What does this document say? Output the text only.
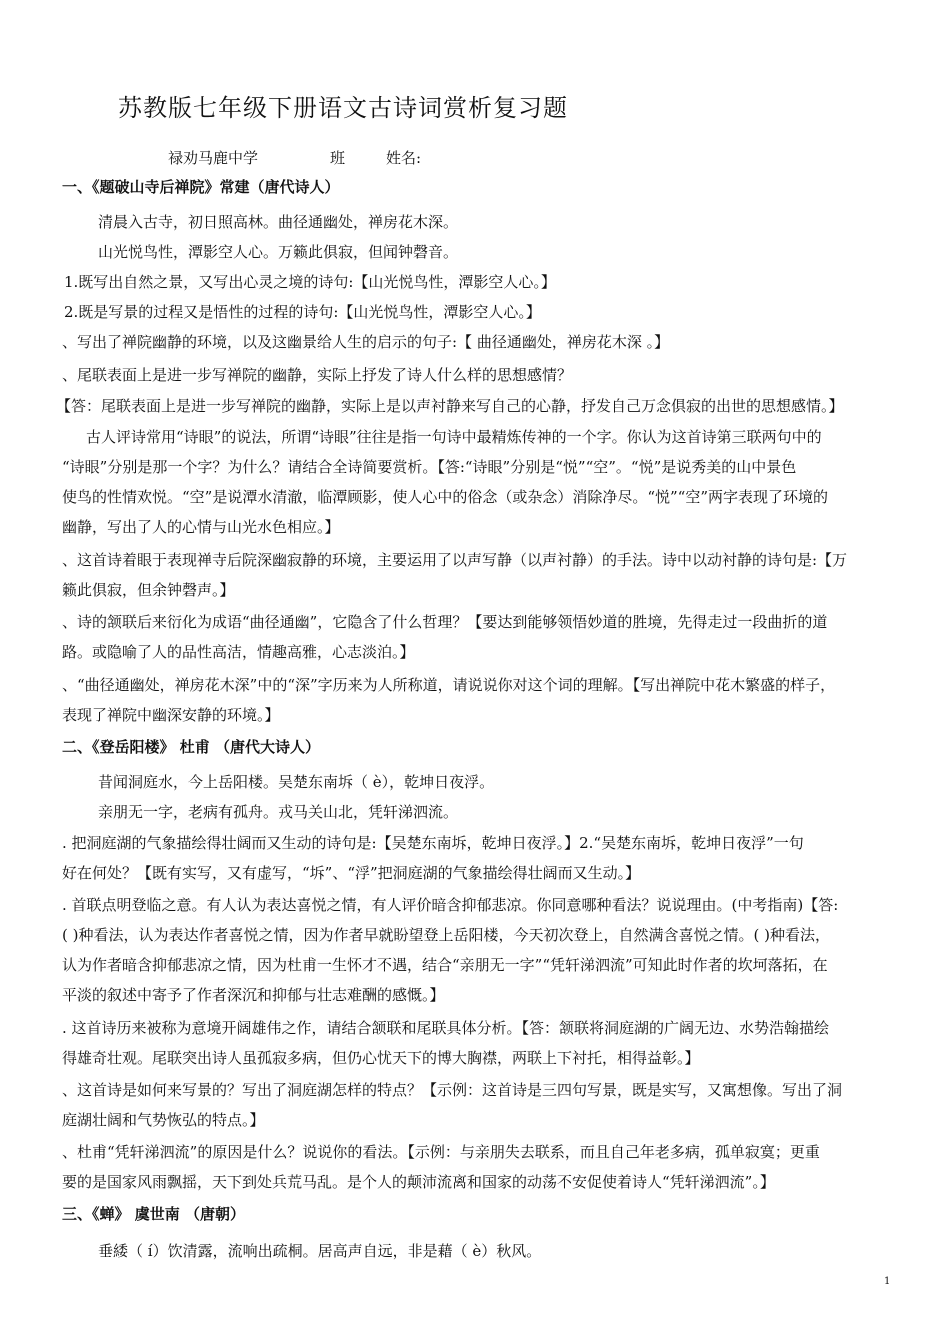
苏教版七年级下册语文古诗词赏析复习题
禄劝马鹿中学	班	姓名:
一、《题破山寺后禅院》常建（唐代诗人）
清晨入古寺，初日照高林。曲径通幽处，禅房花木深。
山光悦鸟性，潭影空人心。万籁此俱寂，但闻钟磬音。
1.既写出自然之景，又写出心灵之境的诗句:【山光悦鸟性，潭影空人心。】
2.既是写景的过程又是悟性的过程的诗句:【山光悦鸟性，潭影空人心。】
、写出了禅院幽静的环境，以及这幽景给人生的启示的句子:【 曲径通幽处，禅房花木深 。】
、尾联表面上是进一步写禅院的幽静，实际上抒发了诗人什么样的思想感情？
【答：尾联表面上是进一步写禅院的幽静，实际上是以声衬静来写自己的心静，抒发自己万念俱寂的出世的思想感情。】
古人评诗常用“诗眼”的说法，所谓“诗眼”往往是指一句诗中最精炼传神的一个字。你认为这首诗第三联两句中的
“诗眼”分别是那一个字？为什么？请结合全诗简要赏析。【答:“诗眼”分别是“悦”“空”。“悦”是说秀美的山中景色
使鸟的性情欢悦。“空”是说潭水清澈，临潭顾影，使人心中的俗念（或杂念）消除净尽。“悦”“空”两字表现了环境的
幽静，写出了人的心情与山光水色相应。】
、这首诗着眼于表现禅寺后院深幽寂静的环境，主要运用了以声写静（以声衬静）的手法。诗中以动衬静的诗句是:【万
籁此俱寂，但余钟磬声。】
、诗的颔联后来衍化为成语“曲径通幽”，它隐含了什么哲理？【要达到能够领悟妙道的胜境，先得走过一段曲折的道
路。或隐喻了人的品性高洁，情趣高雅，心志淡泊。】
、“曲径通幽处，禅房花木深”中的“深”字历来为人所称道，请说说你对这个词的理解。【写出禅院中花木繁盛的样子，
表现了禅院中幽深安静的环境。】
二、《登岳阳楼》 杜甫 （唐代大诗人）
昔闻洞庭水，今上岳阳楼。吴楚东南坼（ è），乾坤日夜浮。
亲朋无一字，老病有孤舟。戎马关山北，凭轩涕泗流。
. 把洞庭湖的气象描绘得壮阔而又生动的诗句是:【吴楚东南坼，乾坤日夜浮。】2.“吴楚东南坼，乾坤日夜浮”一句
好在何处？【既有实写，又有虚写，“坼”、“浮”把洞庭湖的气象描绘得壮阔而又生动。】
. 首联点明登临之意。有人认为表达喜悦之情，有人评价暗含抑郁悲凉。你同意哪种看法？说说理由。(中考指南)【答:
( )种看法，认为表达作者喜悦之情，因为作者早就盼望登上岳阳楼，今天初次登上，自然满含喜悦之情。( )种看法，
认为作者暗含抑郁悲凉之情，因为杜甫一生怀才不遇，结合“亲朋无一字”“凭轩涕泗流”可知此时作者的坎坷落拓，在
平淡的叙述中寄予了作者深沉和抑郁与壮志难酬的感慨。】
. 这首诗历来被称为意境开阔雄伟之作，请结合颔联和尾联具体分析。【答：颔联将洞庭湖的广阔无边、水势浩翰描绘
得雄奇壮观。尾联突出诗人虽孤寂多病，但仍心忧天下的博大胸襟，两联上下衬托，相得益彰。】
、这首诗是如何来写景的？写出了洞庭湖怎样的特点？【示例：这首诗是三四句写景，既是实写，又寓想像。写出了洞
庭湖壮阔和气势恢弘的特点。】
、杜甫“凭轩涕泗流”的原因是什么？说说你的看法。【示例：与亲朋失去联系，而且自己年老多病，孤单寂寞；更重
要的是国家风雨飘摇，天下到处兵荒马乱。是个人的颠沛流离和国家的动荡不安促使着诗人“凭轩涕泗流”。】
三、《蝉》 虞世南 （唐朝）
垂緌（ í）饮清露，流响出疏桐。居高声自远，非是藉（ è）秋风。
1
